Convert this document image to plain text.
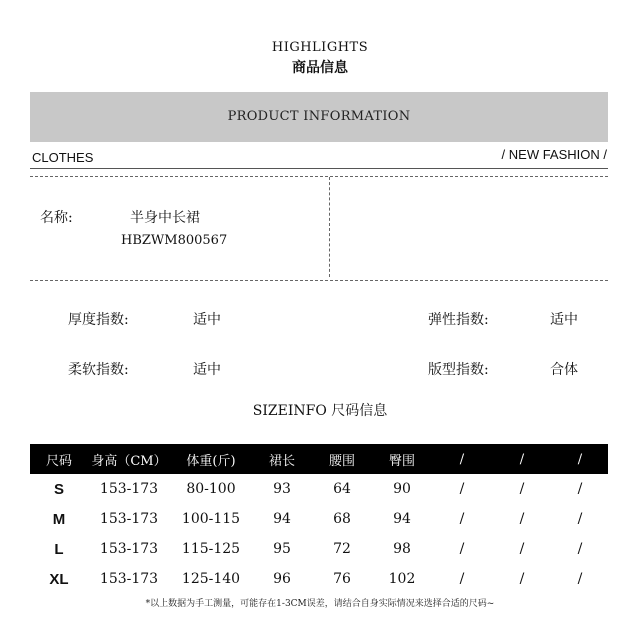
HIGHLIGHTS
商品信息
PRODUCT INFORMATION
CLOTHES	/ NEW FASHION /
名称:	半身中长裙
HBZWM800567
厚度指数:	适中	弹性指数:	适中
柔软指数:	适中	版型指数:	合体
SIZEINFO 尺码信息
尺码	身高（CM）	体重(斤)	裙长	腰围	臀围	/	/	/
S	153-173	80-100	93	64	90	/	/	/
M	153-173	100-115	94	68	94	/	/	/
L	153-173	115-125	95	72	98	/	/	/
XL	153-173	125-140	96	76	102	/	/	/
*以上数据为手工测量，可能存在1-3CM误差，请结合自身实际情况来选择合适的尺码~
